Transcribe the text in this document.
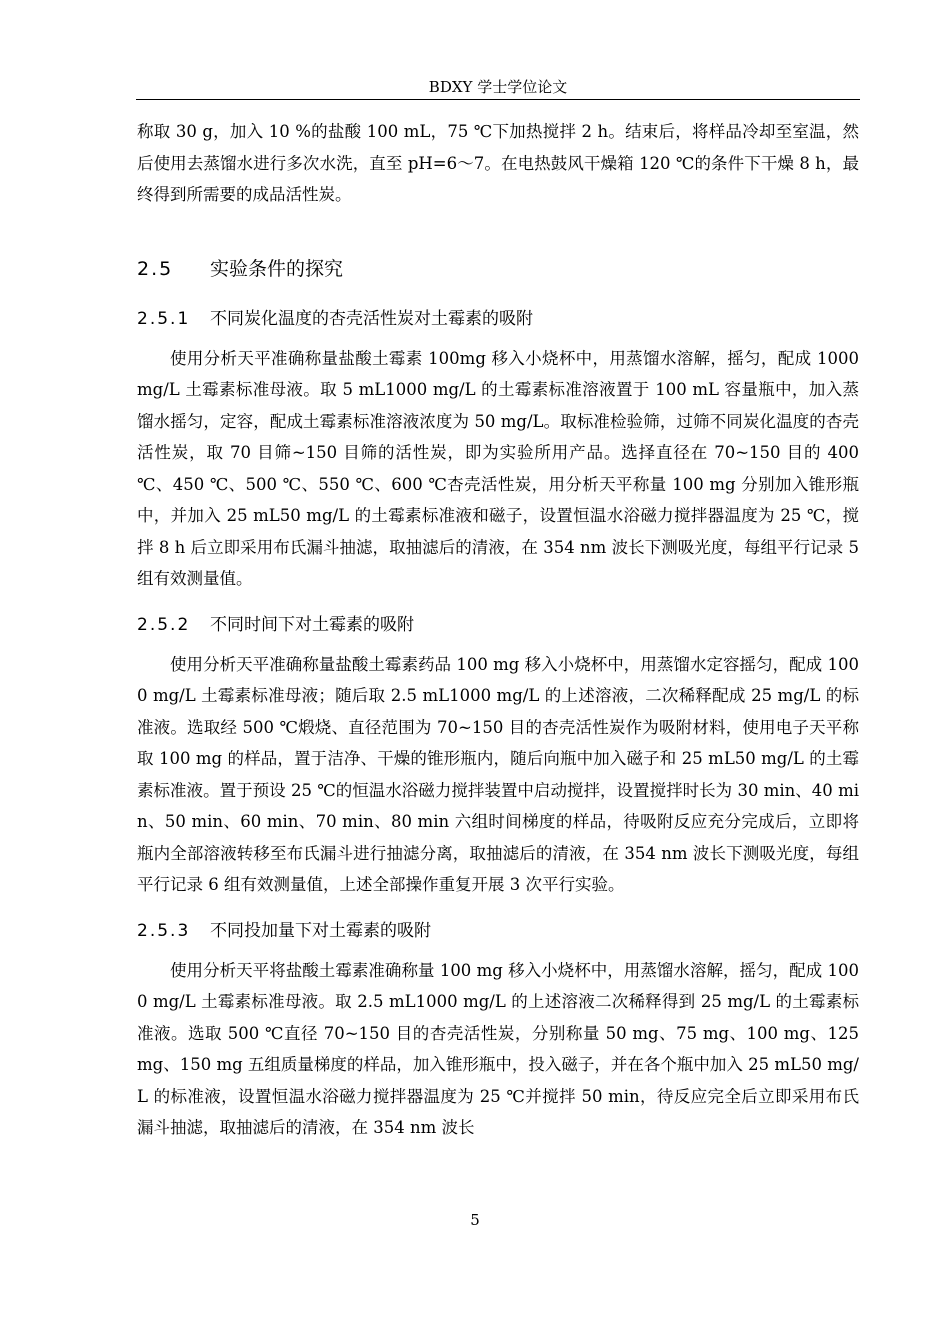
BDXY 学士学位论文

称取 30 g，加入 10 %的盐酸 100 mL，75 ℃下加热搅拌 2 h。结束后，将样品冷却至室温，然后使用去蒸馏水进行多次水洗，直至 pH=6～7。在电热鼓风干燥箱 120 ℃的条件下干燥 8 h，最终得到所需要的成品活性炭。

2.5 实验条件的探究
2.5.1 不同炭化温度的杏壳活性炭对土霉素的吸附

使用分析天平准确称量盐酸土霉素 100mg 移入小烧杯中，用蒸馏水溶解，摇匀，配成 1000 mg/L 土霉素标准母液。取 5 mL1000 mg/L 的土霉素标准溶液置于 100 mL 容量瓶中，加入蒸馏水摇匀，定容，配成土霉素标准溶液浓度为 50 mg/L。取标准检验筛，过筛不同炭化温度的杏壳活性炭，取 70 目筛~150 目筛的活性炭，即为实验所用产品。选择直径在 70~150 目的 400 ℃、450 ℃、500 ℃、550 ℃、600 ℃杏壳活性炭，用分析天平称量 100 mg 分别加入锥形瓶中，并加入 25 mL50 mg/L 的土霉素标准液和磁子，设置恒温水浴磁力搅拌器温度为 25 ℃，搅拌 8 h 后立即采用布氏漏斗抽滤，取抽滤后的清液，在 354 nm 波长下测吸光度，每组平行记录 5 组有效测量值。

2.5.2 不同时间下对土霉素的吸附

使用分析天平准确称量盐酸土霉素药品 100 mg 移入小烧杯中，用蒸馏水定容摇匀，配成 1000 mg/L 土霉素标准母液；随后取 2.5 mL1000 mg/L 的上述溶液，二次稀释配成 25 mg/L 的标准液。选取经 500 ℃煅烧、直径范围为 70~150 目的杏壳活性炭作为吸附材料，使用电子天平称取 100 mg 的样品，置于洁净、干燥的锥形瓶内，随后向瓶中加入磁子和 25 mL50 mg/L 的土霉素标准液。置于预设 25 ℃的恒温水浴磁力搅拌装置中启动搅拌，设置搅拌时长为 30 min、40 min、50 min、60 min、70 min、80 min 六组时间梯度的样品，待吸附反应充分完成后，立即将瓶内全部溶液转移至布氏漏斗进行抽滤分离，取抽滤后的清液，在 354 nm 波长下测吸光度，每组平行记录 6 组有效测量值，上述全部操作重复开展 3 次平行实验。

2.5.3 不同投加量下对土霉素的吸附

使用分析天平将盐酸土霉素准确称量 100 mg 移入小烧杯中，用蒸馏水溶解，摇匀，配成 1000 mg/L 土霉素标准母液。取 2.5 mL1000 mg/L 的上述溶液二次稀释得到 25 mg/L 的土霉素标准液。选取 500 ℃直径 70~150 目的杏壳活性炭，分别称量 50 mg、75 mg、100 mg、125 mg、150 mg 五组质量梯度的样品，加入锥形瓶中，投入磁子，并在各个瓶中加入 25 mL50 mg/L 的标准液，设置恒温水浴磁力搅拌器温度为 25 ℃并搅拌 50 min，待反应完全后立即采用布氏漏斗抽滤，取抽滤后的清液，在 354 nm 波长

5
